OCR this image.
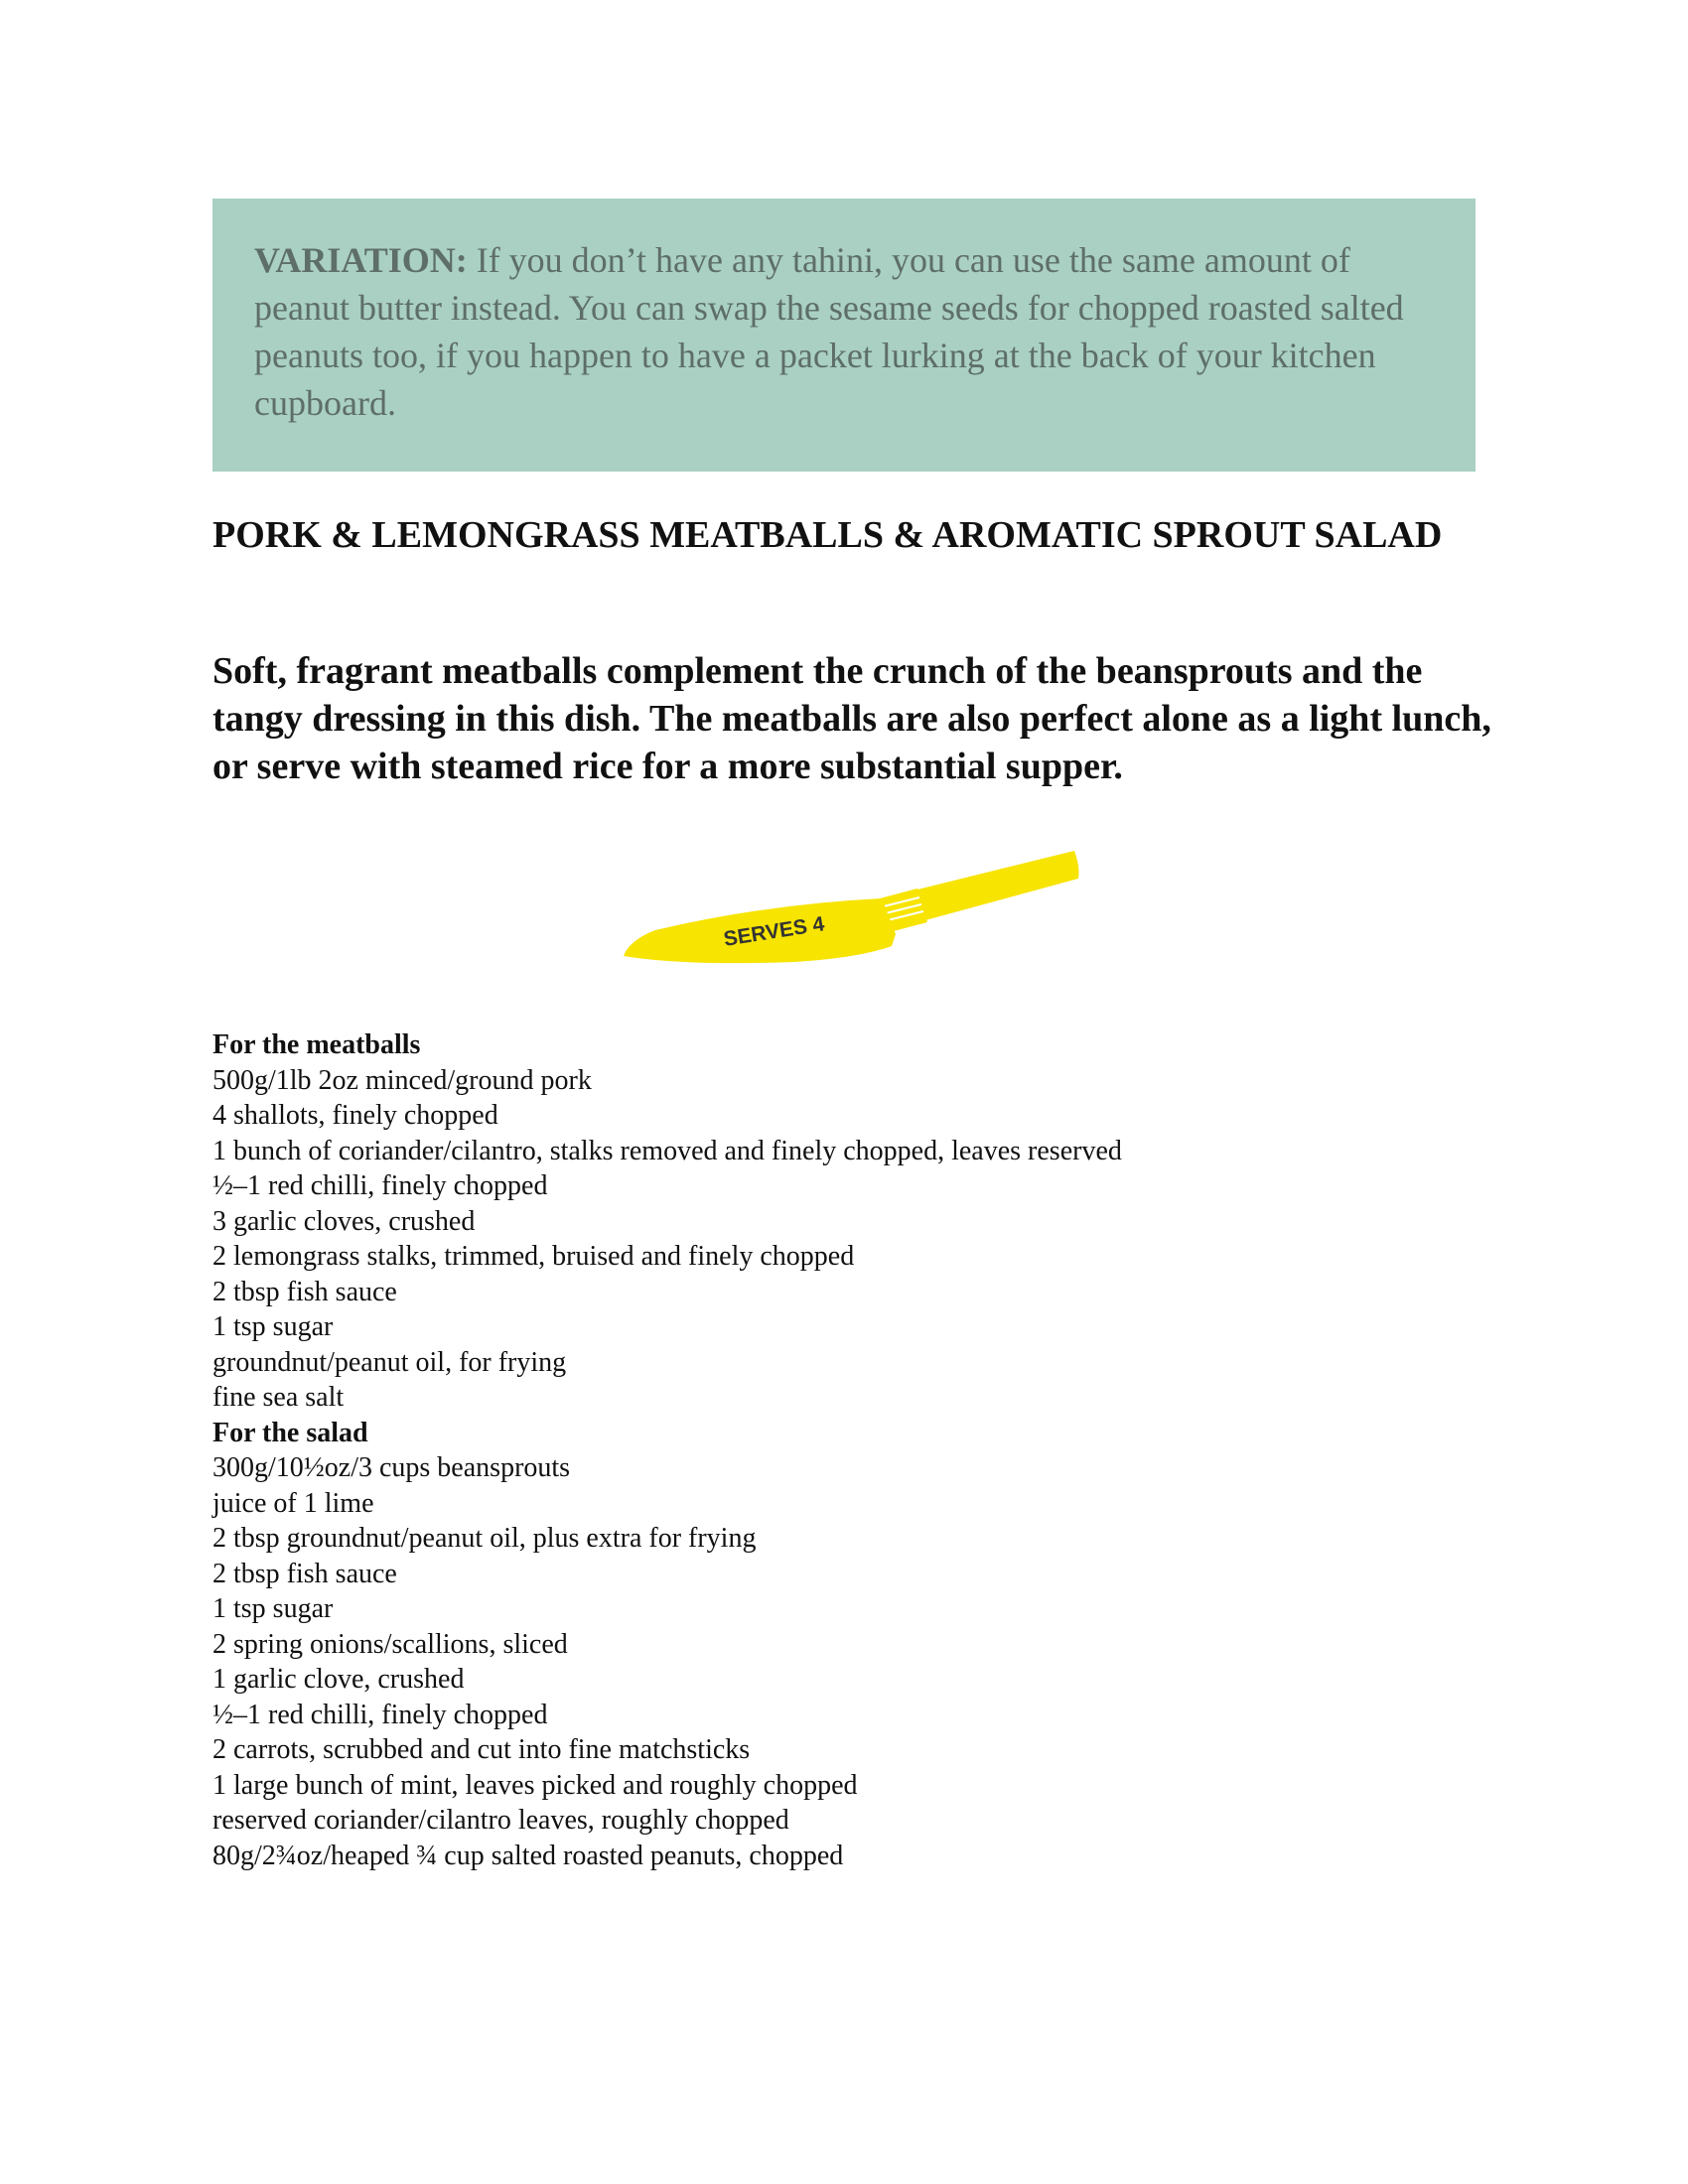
VARIATION: If you don’t have any tahini, you can use the same amount of peanut butter instead. You can swap the sesame seeds for chopped roasted salted peanuts too, if you happen to have a packet lurking at the back of your kitchen cupboard.
PORK & LEMONGRASS MEATBALLS & AROMATIC SPROUT SALAD

Soft, fragrant meatballs complement the crunch of the beansprouts and the tangy dressing in this dish. The meatballs are also perfect alone as a light lunch, or serve with steamed rice for a more substantial supper.

SERVES 4
For the meatballs
500g/1lb 2oz minced/ground pork
4 shallots, finely chopped
1 bunch of coriander/cilantro, stalks removed and finely chopped, leaves reserved
½–1 red chilli, finely chopped
3 garlic cloves, crushed
2 lemongrass stalks, trimmed, bruised and finely chopped
2 tbsp fish sauce
1 tsp sugar
groundnut/peanut oil, for frying
fine sea salt
For the salad
300g/10½oz/3 cups beansprouts
juice of 1 lime
2 tbsp groundnut/peanut oil, plus extra for frying
2 tbsp fish sauce
1 tsp sugar
2 spring onions/scallions, sliced
1 garlic clove, crushed
½–1 red chilli, finely chopped
2 carrots, scrubbed and cut into fine matchsticks
1 large bunch of mint, leaves picked and roughly chopped
reserved coriander/cilantro leaves, roughly chopped
80g/2¾oz/heaped ¾ cup salted roasted peanuts, chopped
